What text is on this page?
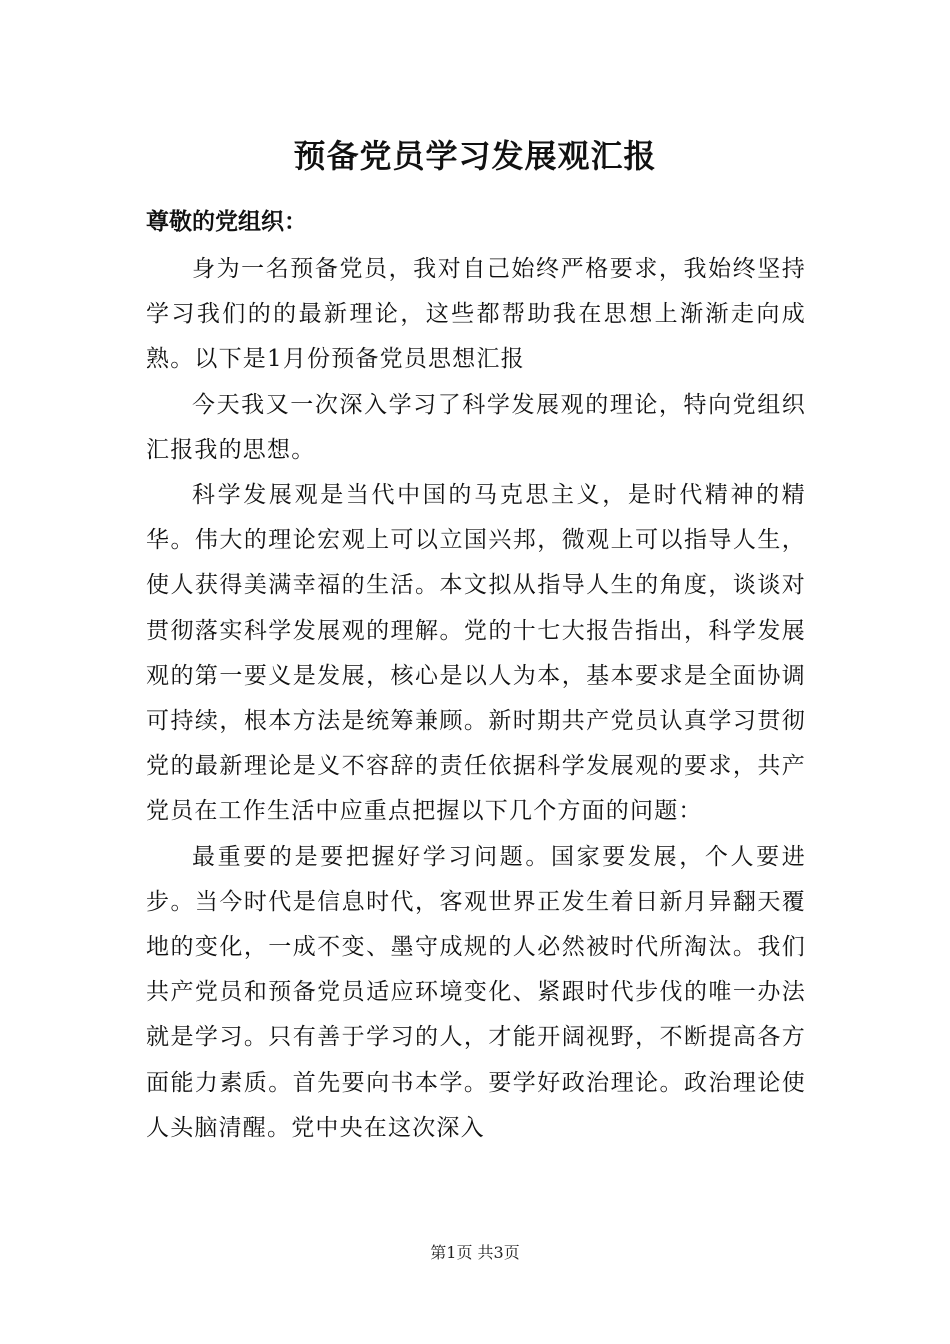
预备党员学习发展观汇报
尊敬的党组织：

身为一名预备党员，我对自己始终严格要求，我始终坚持学习我们的的最新理论，这些都帮助我在思想上渐渐走向成熟。以下是1月份预备党员思想汇报

今天我又一次深入学习了科学发展观的理论，特向党组织汇报我的思想。

科学发展观是当代中国的马克思主义，是时代精神的精华。伟大的理论宏观上可以立国兴邦，微观上可以指导人生，使人获得美满幸福的生活。本文拟从指导人生的角度，谈谈对贯彻落实科学发展观的理解。党的十七大报告指出，科学发展观的第一要义是发展，核心是以人为本，基本要求是全面协调可持续，根本方法是统筹兼顾。新时期共产党员认真学习贯彻党的最新理论是义不容辞的责任依据科学发展观的要求，共产党员在工作生活中应重点把握以下几个方面的问题：

最重要的是要把握好学习问题。国家要发展，个人要进步。当今时代是信息时代，客观世界正发生着日新月异翻天覆地的变化，一成不变、墨守成规的人必然被时代所淘汰。我们共产党员和预备党员适应环境变化、紧跟时代步伐的唯一办法就是学习。只有善于学习的人，才能开阔视野，不断提高各方面能力素质。首先要向书本学。要学好政治理论。政治理论使人头脑清醒。党中央在这次深入

第1页 共3页
